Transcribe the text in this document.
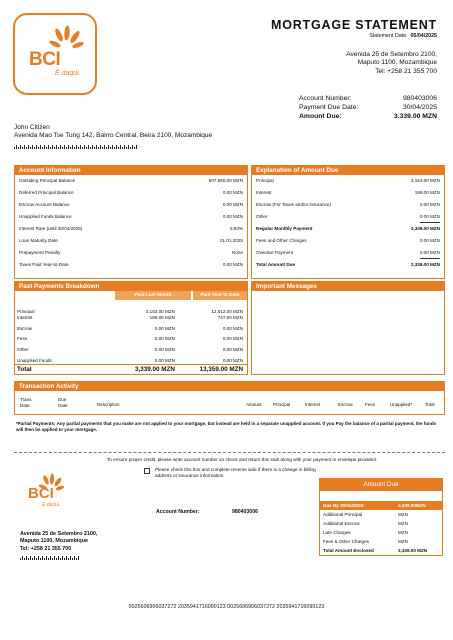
BCI
É daqui.
MORTGAGE STATEMENT
Statement Date: 05/04/2025
Avenida 25 de Setembro 2100,
Maputo 1100, Mozambique
Tel: +258 21 355 700
Account Number:	980403006
Payment Due Date:	30/04/2025
Amount Due:	3.339.00 MZN
John Citizen
Avenida Mao Tse Tung 142, Bairro Central, Beira 2100, Mozambique
Account Information
Outsiding Principal Balance	507,855.00 MZN
Deferred Principal Balance	0.00 MZN
Escrow Account Balance	0.00 MZN
Unapplied Funds Balance	0.00 MZN
Interest Rate (until 30/04/2025)	5.93%
Loan Maturity Date	01.01.2025
Prepayment Penalty	None
Taxes Paid Year-to-Date	0.00 MZN
Explanation of Amount Due
Principal	3,153.00 MZN
Interest	186.00 MZN
Escrow (For Taxes and/or insurance)	0.00 MZN
Other	0.00 MZN
Regular Monthly Payment	3,339.00 MZN
Fees and Other Charges	0.00 MZN
Overdue Payment	0.00 MZN
Total Amount Due	3,339.00 MZN
Past Payments Breakdown
Paid Last Month	Paid Year to Date
Principal	3,153.00 MZN	12,612.00 MZN
Interest	186.00 MZN	747.00 MZN
Escrow	0.00 MZN	0.00 MZN
Fees	0.00 MZN	0.00 MZN
Other	0.00 MZN	0.00 MZN
Unapplied Funds	0.00 MZN	0.00 MZN
Total	3,339.00 MZN	13,359.00 MZN
Important Messages
Transaction Activity
Trans. Date
Due Date	Description	Amount	Principal	Interest	Escrow	Fees	Unapplied*	Total
*Partial Payments: Any partial payments that you make are not applied to your mortgage, but instead are held in a separate unapplied account. If you Pay the balance of a partial payment, the funds will then be applied to your mortgage.
To ensure proper credit, please write account number on check and return this stub along with your payment in envelope provided.
BCI
É daqui.
Please check this box and complete reverse side if there is a change in billing address or insurance information.
Account Number:	980403006
Amount Due
Due By 30/04/2025:	3,339.00MZN
Additional Principal	MZN
Additional Escrow	MZN
Late Charges	MZN
Fees & Other Charges	MZN
Total Amount Enclosed	3,339.00 MZN
Avenida 25 de Setembro 2100,
Maputo 1100, Mozambique
Tel: +258 21 355 700
0025606906037272 2035941716090123 0025606906037272 2035941716090123
